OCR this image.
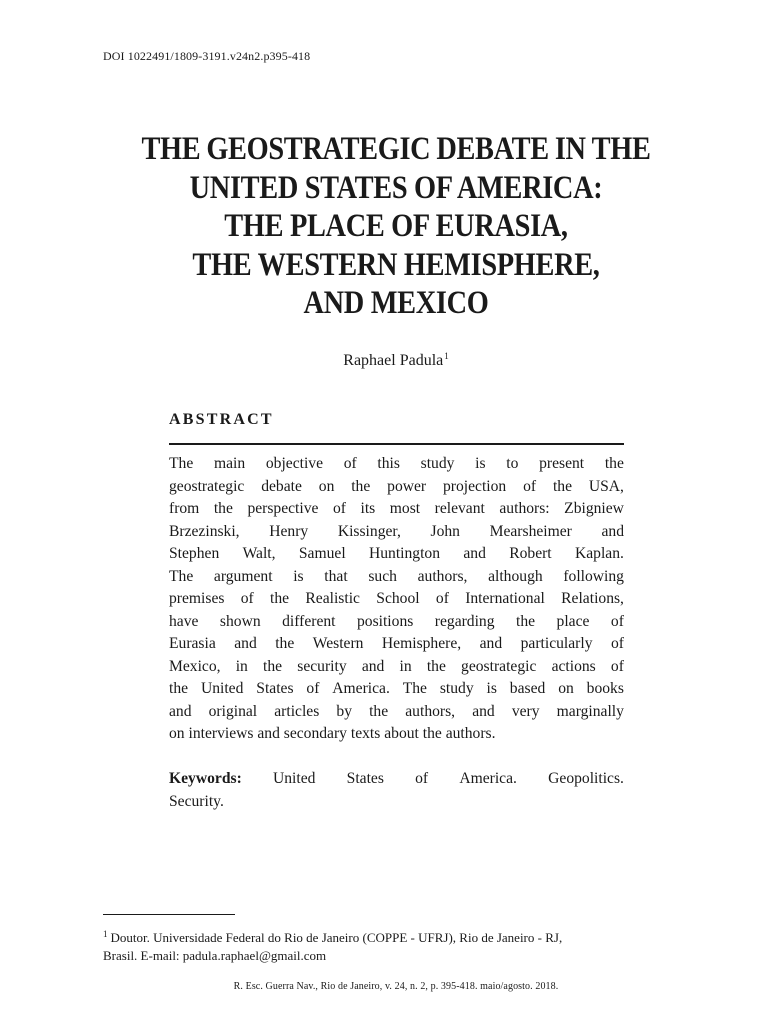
DOI 1022491/1809-3191.v24n2.p395-418
THE GEOSTRATEGIC DEBATE IN THE
UNITED STATES OF AMERICA:
THE PLACE OF EURASIA,
THE WESTERN HEMISPHERE,
AND MEXICO
Raphael Padula$^1$
ABSTRACT
The main objective of this study is to present the
geostrategic debate on the power projection of the USA,
from the perspective of its most relevant authors: Zbigniew
Brzezinski, Henry Kissinger, John Mearsheimer and
Stephen Walt, Samuel Huntington and Robert Kaplan.
The argument is that such authors, although following
premises of the Realistic School of International Relations,
have shown different positions regarding the place of
Eurasia and the Western Hemisphere, and particularly of
Mexico, in the security and in the geostrategic actions of
the United States of America. The study is based on books
and original articles by the authors, and very marginally
on interviews and secondary texts about the authors.
Keywords: United States of America. Geopolitics.
Security.
$^1$ Doutor. Universidade Federal do Rio de Janeiro (COPPE - UFRJ), Rio de Janeiro - RJ,
Brasil. E-mail: padula.raphael@gmail.com
R. Esc. Guerra Nav., Rio de Janeiro, v. 24, n. 2, p. 395-418. maio/agosto. 2018.
